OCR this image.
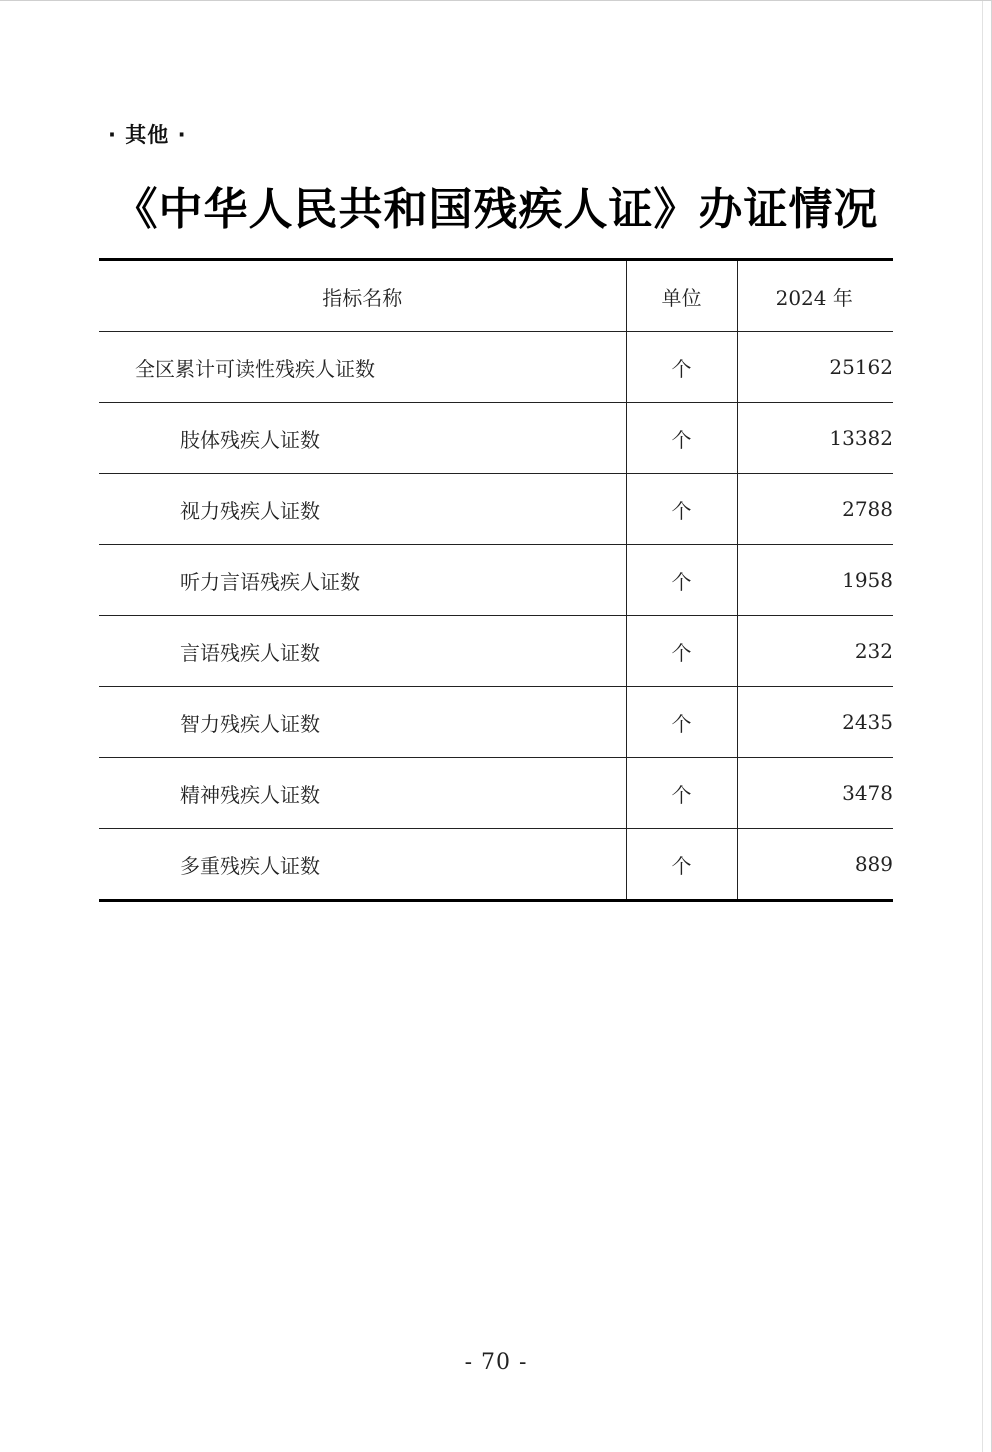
· 其他 ·
《中华人民共和国残疾人证》办证情况
指标名称	单位	2024 年
全区累计可读性残疾人证数	个	25162
肢体残疾人证数	个	13382
视力残疾人证数	个	2788
听力言语残疾人证数	个	1958
言语残疾人证数	个	232
智力残疾人证数	个	2435
精神残疾人证数	个	3478
多重残疾人证数	个	889
- 70 -
